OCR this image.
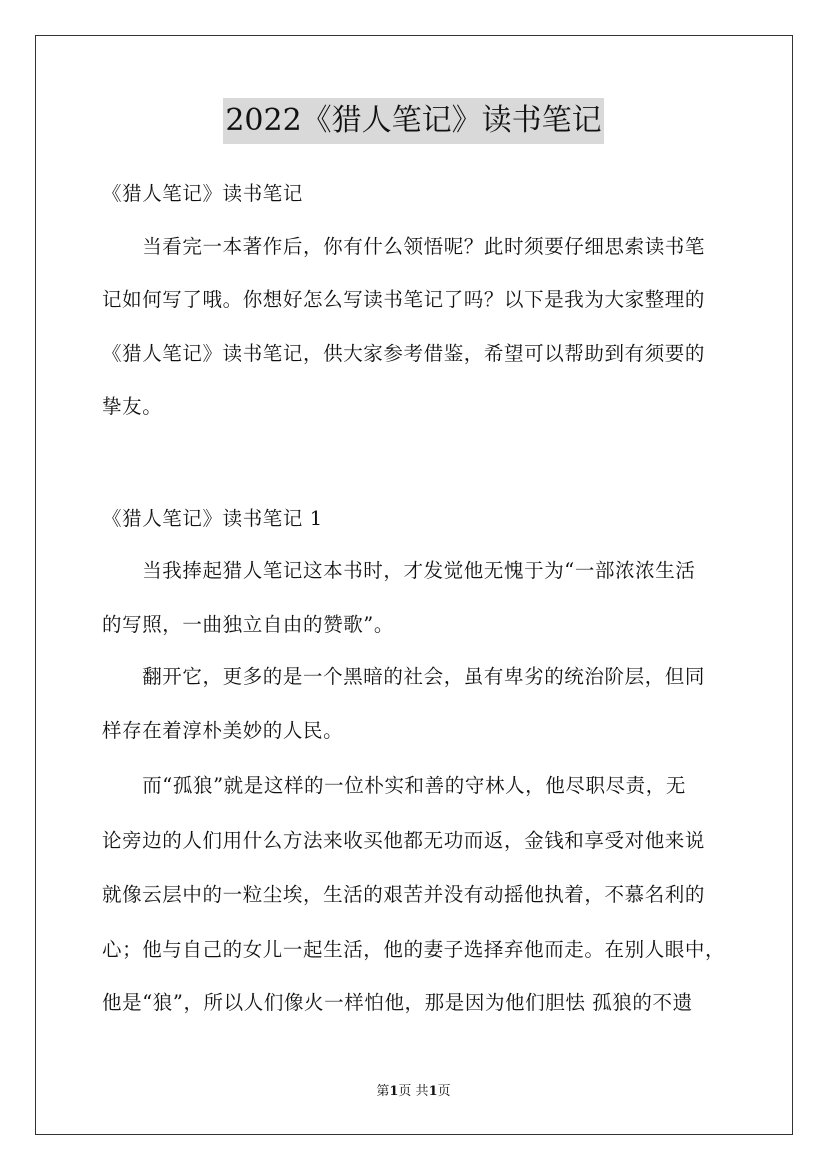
2022《猎人笔记》读书笔记
《猎人笔记》读书笔记
　　当看完一本著作后，你有什么领悟呢？此时须要仔细思索读书笔
记如何写了哦。你想好怎么写读书笔记了吗？以下是我为大家整理的
《猎人笔记》读书笔记，供大家参考借鉴，希望可以帮助到有须要的
挚友。
《猎人笔记》读书笔记 1
　　当我捧起猎人笔记这本书时，才发觉他无愧于为“一部浓浓生活
的写照，一曲独立自由的赞歌”。
　　翻开它，更多的是一个黑暗的社会，虽有卑劣的统治阶层，但同
样存在着淳朴美妙的人民。
　　而“孤狼”就是这样的一位朴实和善的守林人，他尽职尽责，无
论旁边的人们用什么方法来收买他都无功而返，金钱和享受对他来说
就像云层中的一粒尘埃，生活的艰苦并没有动摇他执着，不慕名利的
心；他与自己的女儿一起生活，他的妻子选择弃他而走。在别人眼中，
他是“狼”，所以人们像火一样怕他，那是因为他们胆怯 孤狼的不遗
第1页 共1页
